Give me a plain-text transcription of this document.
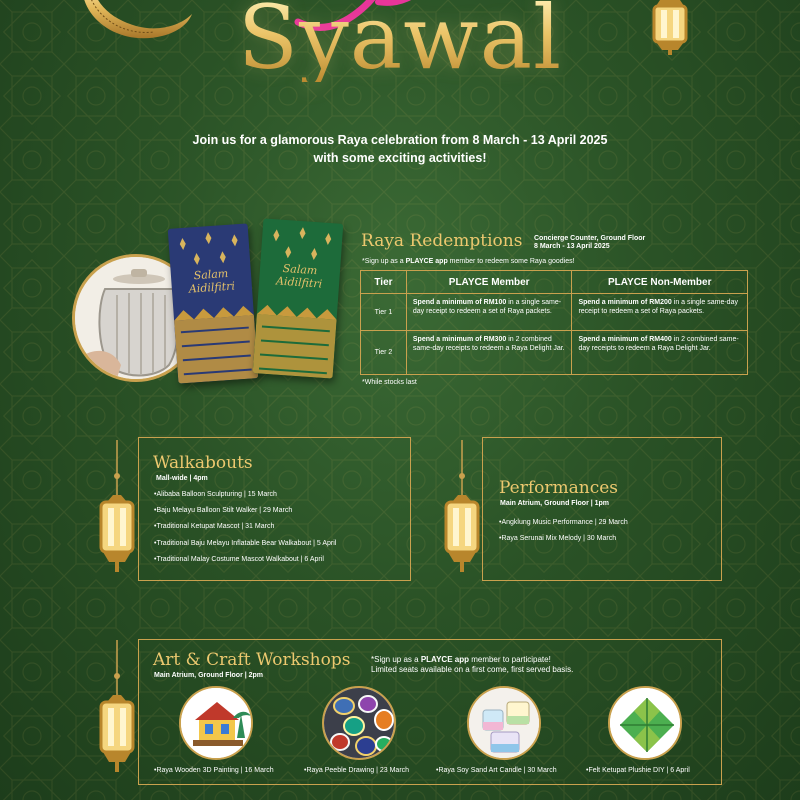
Syawal
Join us for a glamorous Raya celebration from 8 March - 13 April 2025
with some exciting activities!
Salam
Aidilfitri
Salam
Aidilfitri
Raya Redemptions Concierge Counter, Ground Floor
8 March - 13 April 2025
*Sign up as a PLAYCE app member to redeem some Raya goodies!
Tier	PLAYCE Member	PLAYCE Non-Member
Tier 1	Spend a minimum of RM100 in a single same-day receipt to redeem a set of Raya packets.	Spend a minimum of RM200 in a single same-day receipt to redeem a set of Raya packets.
Tier 2	Spend a minimum of RM300 in 2 combined same-day receipts to redeem a Raya Delight Jar.	Spend a minimum of RM400 in 2 combined same-day receipts to redeem a Raya Delight Jar.
*While stocks last
Walkabouts
Mall-wide | 4pm
•Alibaba Balloon Sculpturing | 15 March
•Baju Melayu Balloon Stilt Walker | 29 March
•Traditional Ketupat Mascot | 31 March
•Traditional Baju Melayu Inflatable Bear Walkabout | 5 April
•Traditional Malay Costume Mascot Walkabout | 6 April
Performances
Main Atrium, Ground Floor | 1pm
•Angklung Music Performance | 29 March
•Raya Serunai Mix Melody | 30 March
Art & Craft Workshops
Main Atrium, Ground Floor | 2pm
*Sign up as a PLAYCE app member to participate!
Limited seats available on a first come, first served basis.
•Raya Wooden 3D Painting | 16 March	•Raya Peeble Drawing | 23 March	•Raya Soy Sand Art Candle | 30 March	•Felt Ketupat Plushie DIY | 6 April
